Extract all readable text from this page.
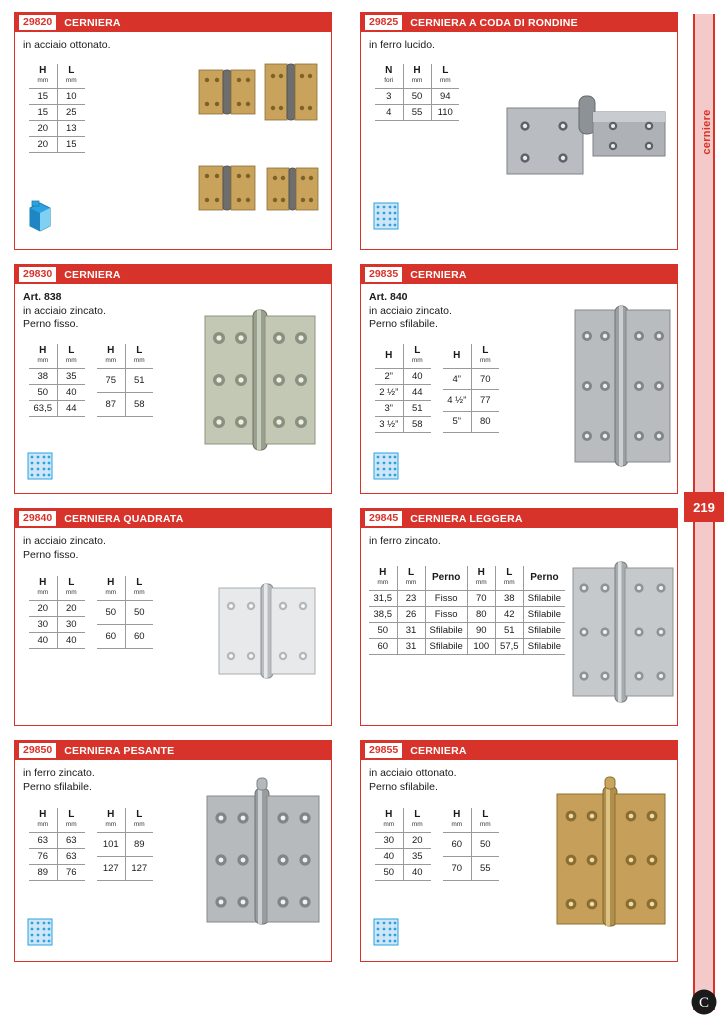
29820	CERNIERA
in acciaio ottonato.
H
mm	L
mm

15	10
15	25
20	13
20	15
29825	CERNIERA A CODA DI RONDINE
in ferro lucido.
N
fori	H
mm	L
mm

3	50	94
4	55	110
29830	CERNIERA
Art. 838
in acciaio zincato.
Perno fisso.
H
mm	L
mm

38	35
50	40
63,5	44
H
mm	L
mm

75	51
87	58
29835	CERNIERA
Art. 840
in acciaio zincato.
Perno sfilabile.
H	L
mm

2”	40
2 ½”	44
3”	51
3 ½”	58
H	L
mm

4”	70
4 ½”	77
5”	80
29840	CERNIERA QUADRATA
in acciaio zincato.
Perno fisso.
H
mm	L
mm

20	20
30	30
40	40
H
mm	L
mm

50	50
60	60
29845	CERNIERA LEGGERA
in ferro zincato.
H
mm	L
mm	Perno	H
mm	L
mm	Perno
31,5	23	Fisso	70	38	Sfilabile
38,5	26	Fisso	80	42	Sfilabile
50	31	Sfilabile	90	51	Sfilabile
60	31	Sfilabile	100	57,5	Sfilabile
29850	CERNIERA PESANTE
in ferro zincato.
Perno sfilabile.
H
mm	L
mm

63	63
76	63
89	76
H
mm	L
mm

101	89
127	127
29855	CERNIERA
in acciaio ottonato.
Perno sfilabile.
H
mm	L
mm

30	20
40	35
50	40
H
mm	L
mm

60	50
70	55
cerniere
219
C
